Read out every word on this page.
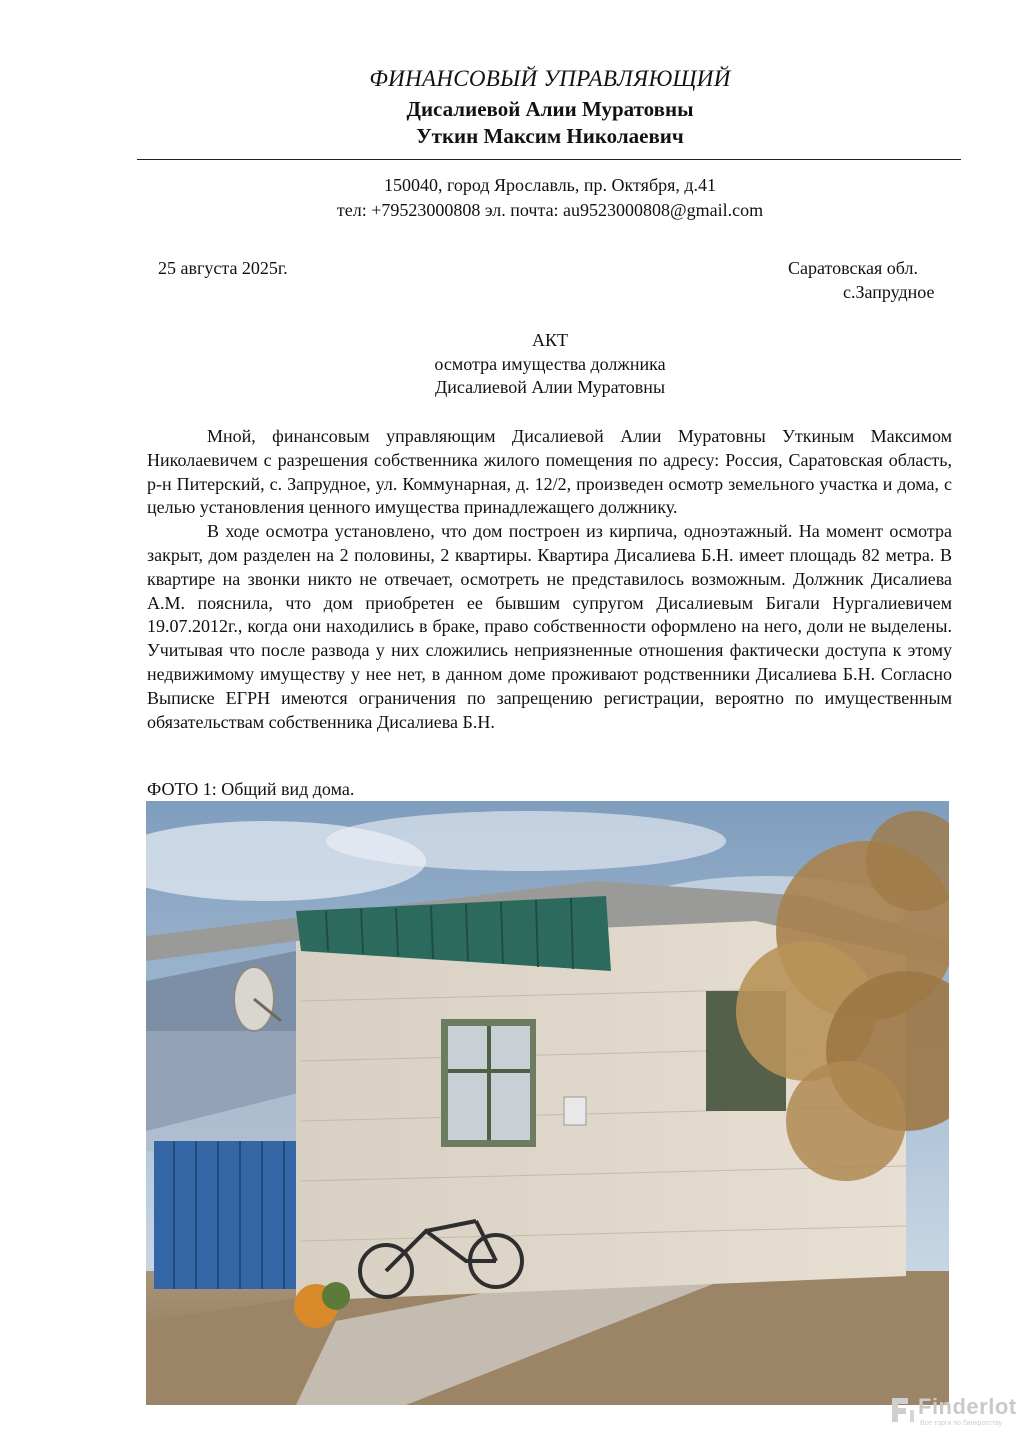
ФИНАНСОВЫЙ УПРАВЛЯЮЩИЙ
Дисалиевой Алии Муратовны
Уткин Максим Николаевич
150040, город Ярославль, пр. Октября, д.41
тел: +79523000808 эл. почта: au9523000808@gmail.com
25 августа 2025г.	Саратовская обл.
с.Запрудное
АКТ
осмотра имущества должника
Дисалиевой Алии Муратовны

Мной, финансовым управляющим Дисалиевой Алии Муратовны Уткиным Максимом Николаевичем с разрешения собственника жилого помещения по адресу: Россия, Саратовская область, р-н Питерский, с. Запрудное, ул. Коммунарная, д. 12/2, произведен осмотр земельного участка и дома, с целью установления ценного имущества принадлежащего должнику.

В ходе осмотра установлено, что дом построен из кирпича, одноэтажный. На момент осмотра закрыт, дом разделен на 2 половины, 2 квартиры. Квартира Дисалиева Б.Н. имеет площадь 82 метра. В квартире на звонки никто не отвечает, осмотреть не представилось возможным. Должник Дисалиева А.М. пояснила, что дом приобретен ее бывшим супругом Дисалиевым Бигали Нургалиевичем 19.07.2012г., когда они находились в браке, право собственности оформлено на него, доли не выделены. Учитывая что после развода у них сложились неприязненные отношения фактически доступа к этому недвижимому имуществу у нее нет, в данном доме проживают родственники Дисалиева Б.Н. Согласно Выписке ЕГРН имеются ограничения по запрещению регистрации, вероятно по имущественным обязательствам собственника Дисалиева Б.Н.

ФОТО 1: Общий вид дома.
Finderlot
Все торги по банкротству
